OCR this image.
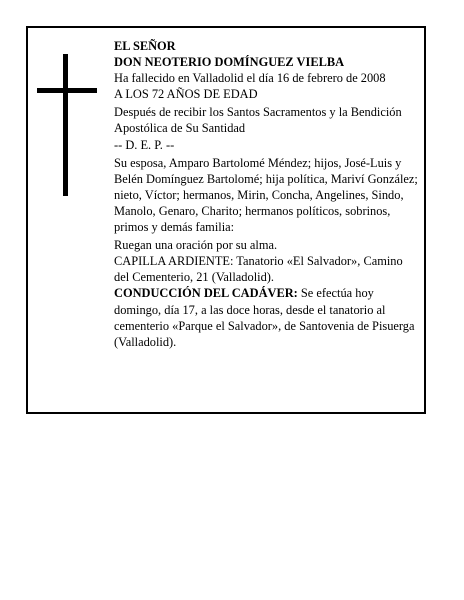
EL SEÑOR

DON NEOTERIO DOMÍNGUEZ VIELBA

Ha fallecido en Valladolid el día 16 de febrero de 2008

A LOS 72 AÑOS DE EDAD

Después de recibir los Santos Sacramentos y la Bendición Apostólica de Su Santidad

-- D. E. P. --

Su esposa, Amparo Bartolomé Méndez; hijos, José-Luis y Belén Domínguez Bartolomé; hija política, Mariví González; nieto, Víctor; hermanos, Mirin, Concha, Angelines, Sindo, Manolo, Genaro, Charito; hermanos políticos, sobrinos, primos y demás familia:

Ruegan una oración por su alma.

CAPILLA ARDIENTE: Tanatorio «El Salvador», Camino del Cementerio, 21 (Valladolid).

CONDUCCIÓN DEL CADÁVER: Se efectúa hoy domingo, día 17, a las doce horas, desde el tanatorio al cementerio «Parque el Salvador», de Santovenia de Pisuerga (Valladolid).
